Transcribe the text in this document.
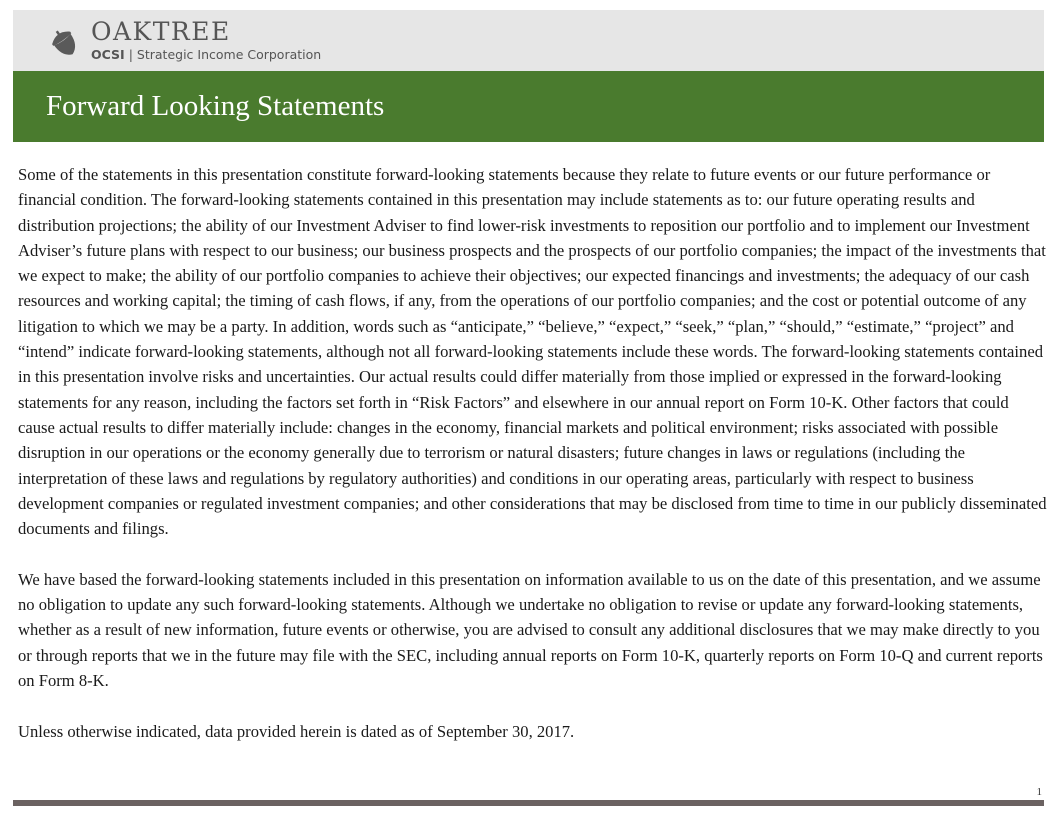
OAKTREE
OCSI | Strategic Income Corporation
Forward Looking Statements

Some of the statements in this presentation constitute forward-looking statements because they relate to future events or our future performance or financial condition. The forward-looking statements contained in this presentation may include statements as to: our future operating results and distribution projections; the ability of our Investment Adviser to find lower-risk investments to reposition our portfolio and to implement our Investment Adviser’s future plans with respect to our business; our business prospects and the prospects of our portfolio companies; the impact of the investments that we expect to make; the ability of our portfolio companies to achieve their objectives; our expected financings and investments; the adequacy of our cash resources and working capital; the timing of cash flows, if any, from the operations of our portfolio companies; and the cost or potential outcome of any litigation to which we may be a party. In addition, words such as “anticipate,” “believe,” “expect,” “seek,” “plan,” “should,” “estimate,” “project” and “intend” indicate forward-looking statements, although not all forward-looking statements include these words. The forward-looking statements contained in this presentation involve risks and uncertainties. Our actual results could differ materially from those implied or expressed in the forward-looking statements for any reason, including the factors set forth in “Risk Factors” and elsewhere in our annual report on Form 10-K. Other factors that could cause actual results to differ materially include: changes in the economy, financial markets and political environment; risks associated with possible disruption in our operations or the economy generally due to terrorism or natural disasters; future changes in laws or regulations (including the interpretation of these laws and regulations by regulatory authorities) and conditions in our operating areas, particularly with respect to business development companies or regulated investment companies; and other considerations that may be disclosed from time to time in our publicly disseminated documents and filings.

We have based the forward-looking statements included in this presentation on information available to us on the date of this presentation, and we assume no obligation to update any such forward-looking statements. Although we undertake no obligation to revise or update any forward-looking statements, whether as a result of new information, future events or otherwise, you are advised to consult any additional disclosures that we may make directly to you or through reports that we in the future may file with the SEC, including annual reports on Form 10-K, quarterly reports on Form 10-Q and current reports on Form 8-K.

Unless otherwise indicated, data provided herein is dated as of September 30, 2017.

1
